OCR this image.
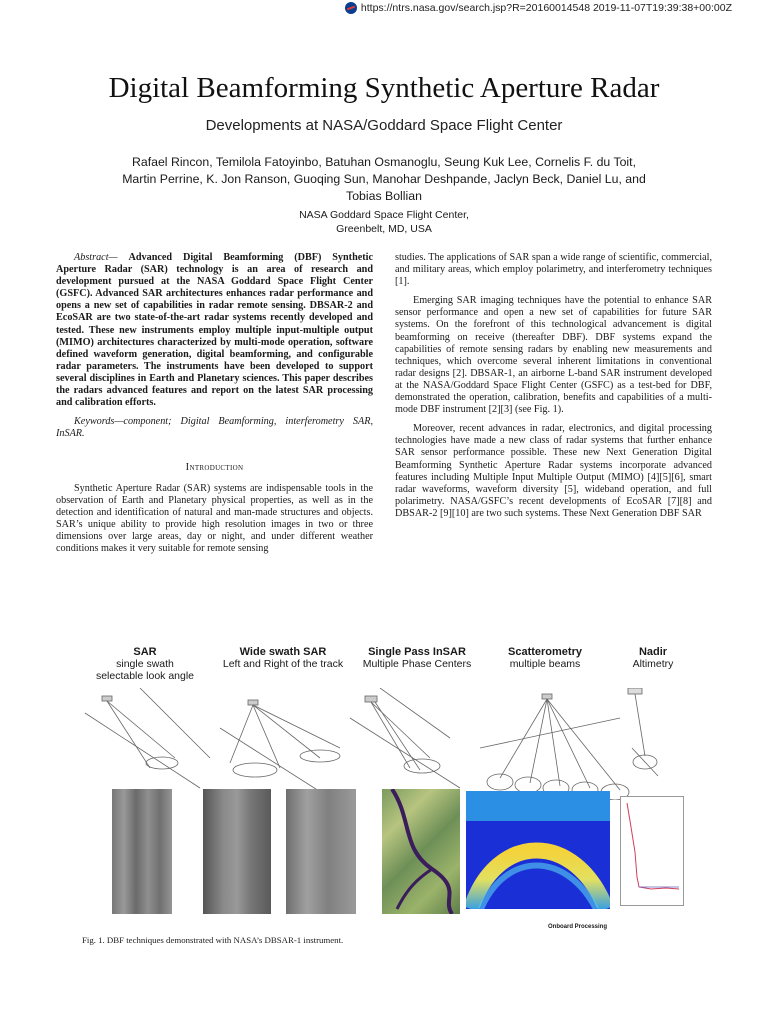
https://ntrs.nasa.gov/search.jsp?R=20160014548 2019-11-07T19:39:38+00:00Z
Digital Beamforming Synthetic Aperture Radar
Developments at NASA/Goddard Space Flight Center
Rafael Rincon, Temilola Fatoyinbo, Batuhan Osmanoglu, Seung Kuk Lee, Cornelis F. du Toit, Martin Perrine, K. Jon Ranson, Guoqing Sun, Manohar Deshpande, Jaclyn Beck, Daniel Lu, and Tobias Bollian
NASA Goddard Space Flight Center,
Greenbelt, MD, USA

Abstract— Advanced Digital Beamforming (DBF) Synthetic Aperture Radar (SAR) technology is an area of research and development pursued at the NASA Goddard Space Flight Center (GSFC). Advanced SAR architectures enhances radar performance and opens a new set of capabilities in radar remote sensing. DBSAR-2 and EcoSAR are two state-of-the-art radar systems recently developed and tested. These new instruments employ multiple input-multiple output (MIMO) architectures characterized by multi-mode operation, software defined waveform generation, digital beamforming, and configurable radar parameters. The instruments have been developed to support several disciplines in Earth and Planetary sciences. This paper describes the radars advanced features and report on the latest SAR processing and calibration efforts.

Keywords—component; Digital Beamforming, interferometry SAR, InSAR.

Introduction

Synthetic Aperture Radar (SAR) systems are indispensable tools in the observation of Earth and Planetary physical properties, as well as in the detection and identification of natural and man-made structures and objects. SAR’s unique ability to provide high resolution images in two or three dimensions over large areas, day or night, and under different weather conditions makes it very suitable for remote sensing

studies. The applications of SAR span a wide range of scientific, commercial, and military areas, which employ polarimetry, and interferometry techniques [1].

Emerging SAR imaging techniques have the potential to enhance SAR sensor performance and open a new set of capabilities for future SAR systems. On the forefront of this technological advancement is digital beamforming on receive (thereafter DBF). DBF systems expand the capabilities of remote sensing radars by enabling new measurements and techniques, which overcome several inherent limitations in conventional radar designs [2]. DBSAR-1, an airborne L-band SAR instrument developed at the NASA/Goddard Space Flight Center (GSFC) as a test-bed for DBF, demonstrated the operation, calibration, benefits and capabilities of a multi-mode DBF instrument [2][3] (see Fig. 1).

Moreover, recent advances in radar, electronics, and digital processing technologies have made a new class of radar systems that further enhance SAR sensor performance possible. These new Next Generation Digital Beamforming Synthetic Aperture Radar systems incorporate advanced features including Multiple Input Multiple Output (MIMO) [4][5][6], smart radar waveforms, waveform diversity [5], wideband operation, and full polarimetry. NASA/GSFC’s recent developments of EcoSAR [7][8] and DBSAR-2 [9][10] are two such systems. These Next Generation DBF SAR

SAR
single swath
selectable look angle
Wide swath SAR
Left and Right of the track
Single Pass InSAR
Multiple Phase Centers
Scatterometry
multiple beams
Nadir
Altimetry
Onboard Processing
Fig. 1. DBF techniques demonstrated with NASA’s DBSAR-1 instrument.
